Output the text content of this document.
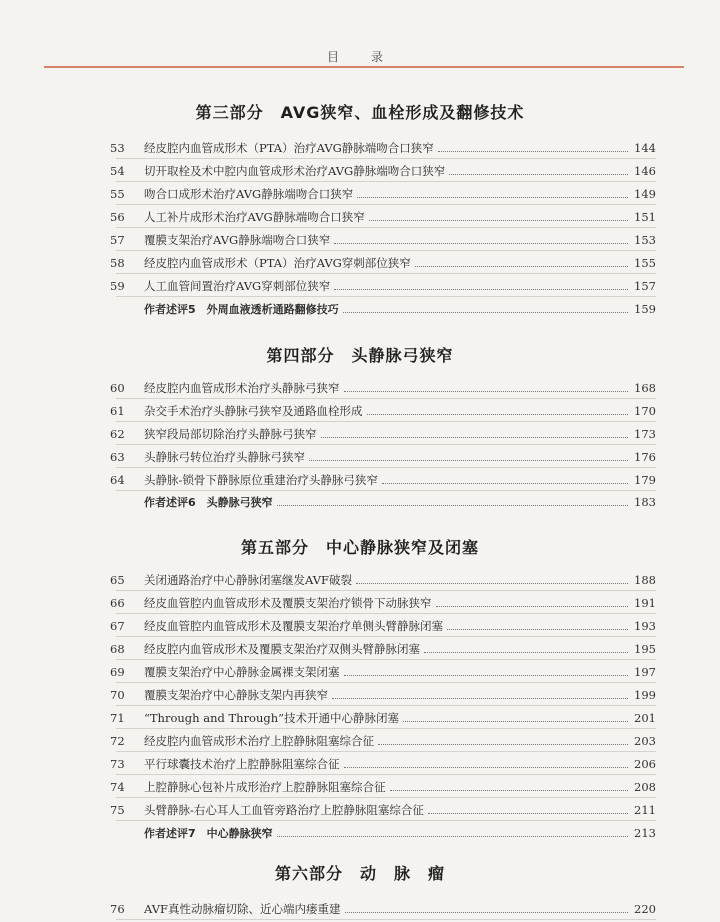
目　录
第三部分　AVG狭窄、血栓形成及翻修技术
53	经皮腔内血管成形术（PTA）治疗AVG静脉端吻合口狭窄	144
54	切开取栓及术中腔内血管成形术治疗AVG静脉端吻合口狭窄	146
55	吻合口成形术治疗AVG静脉端吻合口狭窄	149
56	人工补片成形术治疗AVG静脉端吻合口狭窄	151
57	覆膜支架治疗AVG静脉端吻合口狭窄	153
58	经皮腔内血管成形术（PTA）治疗AVG穿刺部位狭窄	155
59	人工血管间置治疗AVG穿刺部位狭窄	157
作者述评5　外周血液透析通路翻修技巧	159
第四部分　头静脉弓狭窄
60	经皮腔内血管成形术治疗头静脉弓狭窄	168
61	杂交手术治疗头静脉弓狭窄及通路血栓形成	170
62	狭窄段局部切除治疗头静脉弓狭窄	173
63	头静脉弓转位治疗头静脉弓狭窄	176
64	头静脉-锁骨下静脉原位重建治疗头静脉弓狭窄	179
作者述评6　头静脉弓狭窄	183
第五部分　中心静脉狭窄及闭塞
65	关闭通路治疗中心静脉闭塞继发AVF破裂	188
66	经皮血管腔内血管成形术及覆膜支架治疗锁骨下动脉狭窄	191
67	经皮血管腔内血管成形术及覆膜支架治疗单侧头臂静脉闭塞	193
68	经皮腔内血管成形术及覆膜支架治疗双侧头臂静脉闭塞	195
69	覆膜支架治疗中心静脉金属裸支架闭塞	197
70	覆膜支架治疗中心静脉支架内再狭窄	199
71	“Through and Through”技术开通中心静脉闭塞	201
72	经皮腔内血管成形术治疗上腔静脉阻塞综合征	203
73	平行球囊技术治疗上腔静脉阻塞综合征	206
74	上腔静脉心包补片成形治疗上腔静脉阻塞综合征	208
75	头臂静脉-右心耳人工血管旁路治疗上腔静脉阻塞综合征	211
作者述评7　中心静脉狭窄	213
第六部分　动　脉　瘤
76	AVF真性动脉瘤切除、近心端内瘘重建	220
